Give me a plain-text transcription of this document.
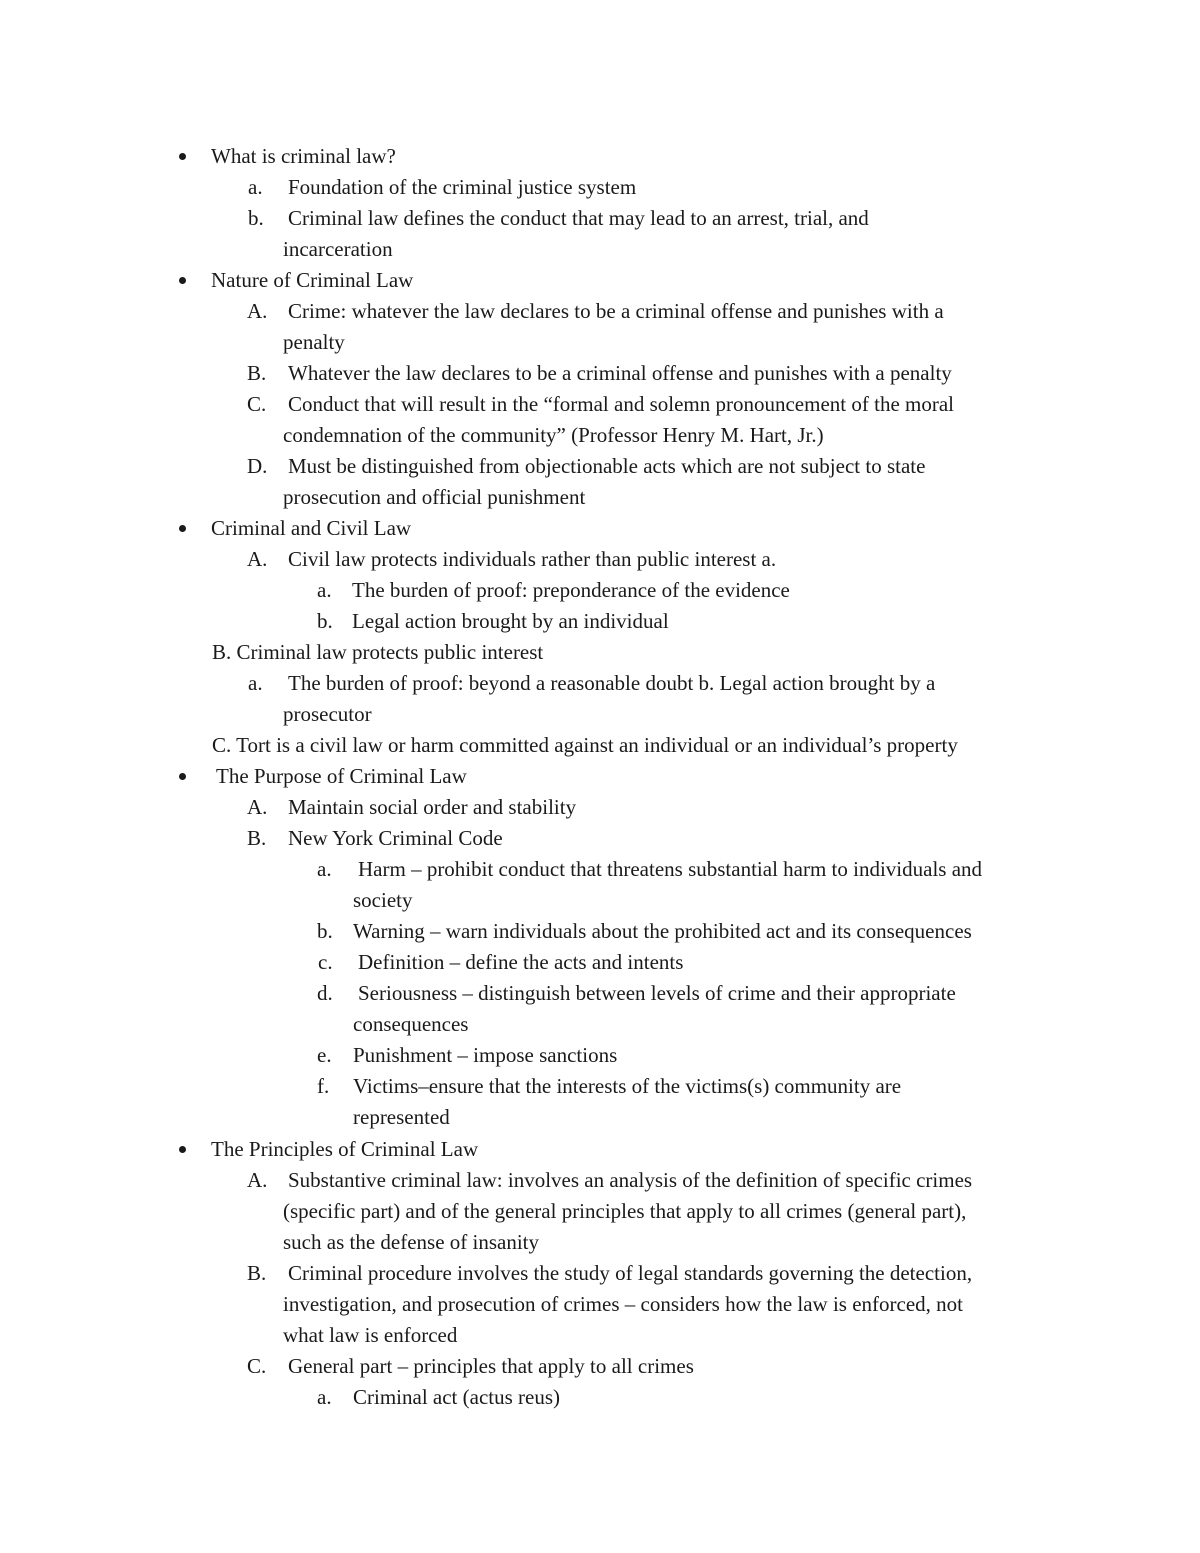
What is criminal law?
a. Foundation of the criminal justice system
b. Criminal law defines the conduct that may lead to an arrest, trial, and
incarceration
Nature of Criminal Law
A. Crime: whatever the law declares to be a criminal offense and punishes with a
penalty
B. Whatever the law declares to be a criminal offense and punishes with a penalty
C. Conduct that will result in the “formal and solemn pronouncement of the moral
condemnation of the community” (Professor Henry M. Hart, Jr.)
D. Must be distinguished from objectionable acts which are not subject to state
prosecution and official punishment
Criminal and Civil Law
A. Civil law protects individuals rather than public interest a.
a. The burden of proof: preponderance of the evidence
b. Legal action brought by an individual
B. Criminal law protects public interest
a. The burden of proof: beyond a reasonable doubt b. Legal action brought by a
prosecutor
C. Tort is a civil law or harm committed against an individual or an individual’s property
The Purpose of Criminal Law
A. Maintain social order and stability
B. New York Criminal Code
a. Harm – prohibit conduct that threatens substantial harm to individuals and
society
b. Warning – warn individuals about the prohibited act and its consequences
c. Definition – define the acts and intents
d. Seriousness – distinguish between levels of crime and their appropriate
consequences
e. Punishment – impose sanctions
f. Victims–ensure that the interests of the victims(s) community are
represented
The Principles of Criminal Law
A. Substantive criminal law: involves an analysis of the definition of specific crimes
(specific part) and of the general principles that apply to all crimes (general part),
such as the defense of insanity
B. Criminal procedure involves the study of legal standards governing the detection,
investigation, and prosecution of crimes – considers how the law is enforced, not
what law is enforced
C. General part – principles that apply to all crimes
a. Criminal act (actus reus)
